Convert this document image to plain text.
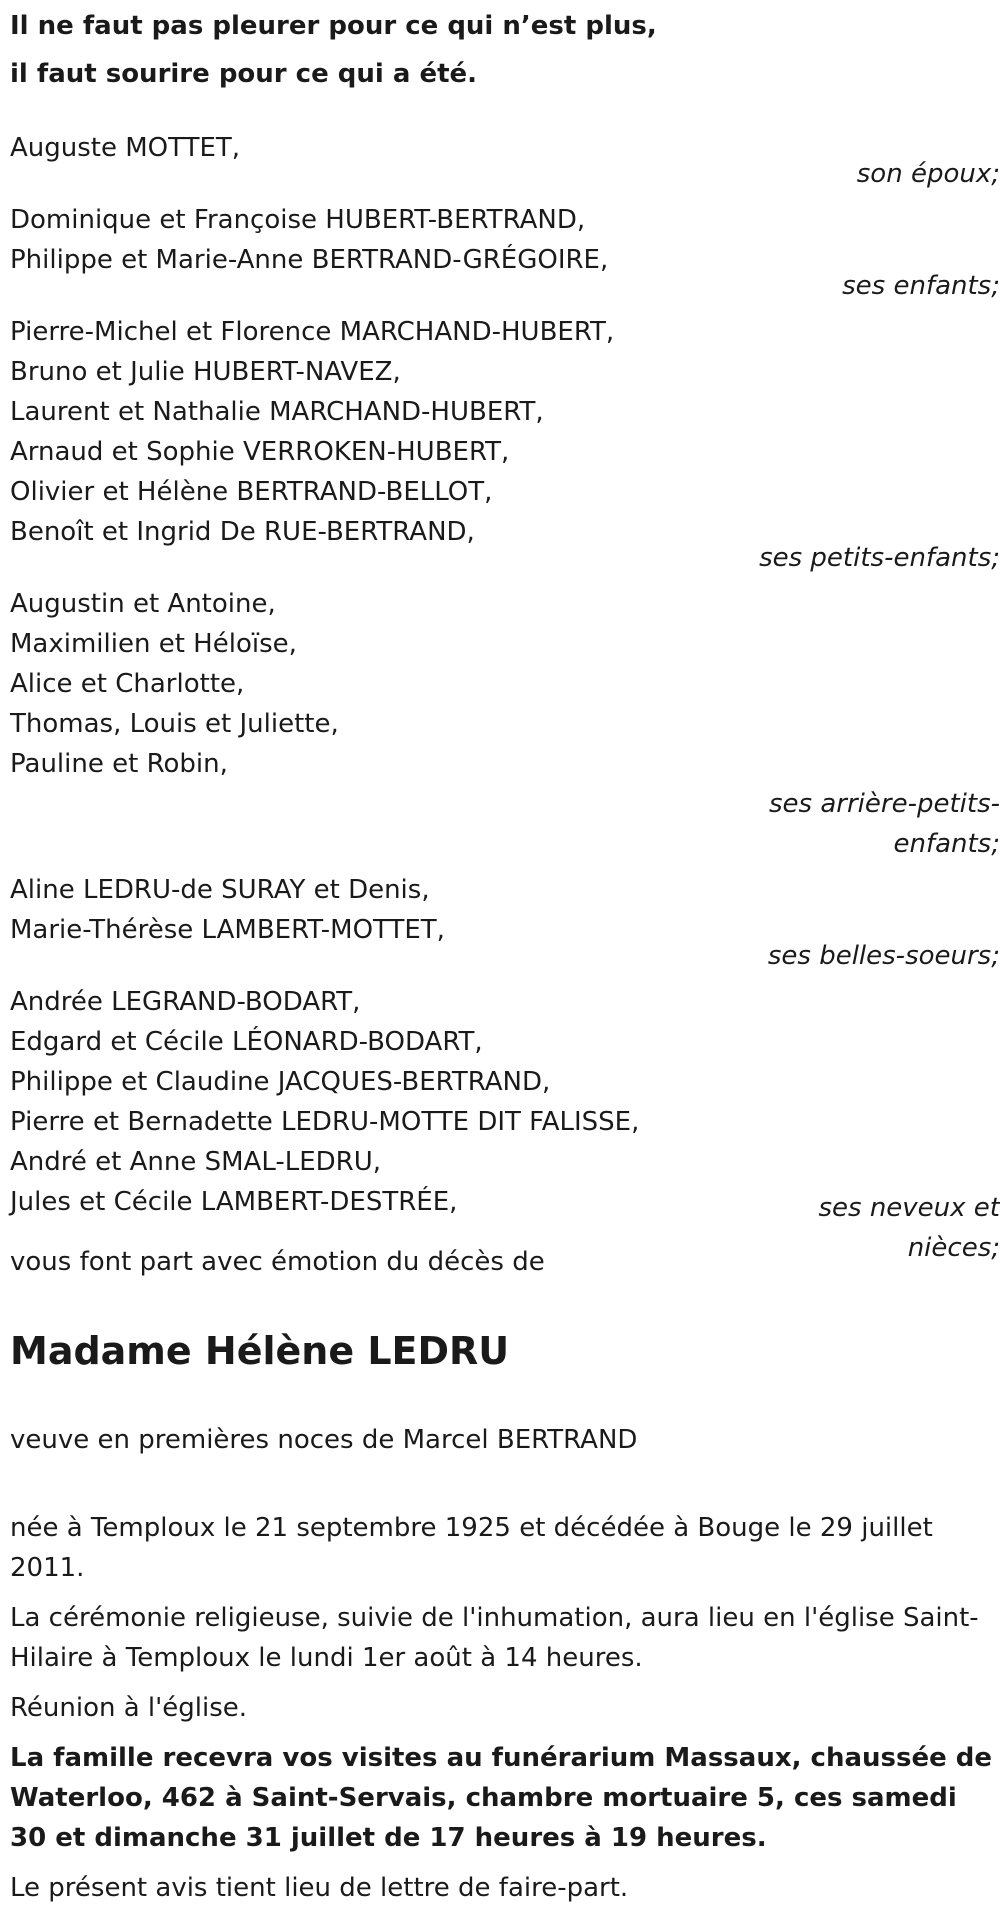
Il ne faut pas pleurer pour ce qui n’est plus,
il faut sourire pour ce qui a été.
Auguste MOTTET,
son époux;
Dominique et Françoise HUBERT-BERTRAND,
Philippe et Marie-Anne BERTRAND-GRÉGOIRE,
ses enfants;
Pierre-Michel et Florence MARCHAND-HUBERT,
Bruno et Julie HUBERT-NAVEZ,
Laurent et Nathalie MARCHAND-HUBERT,
Arnaud et Sophie VERROKEN-HUBERT,
Olivier et Hélène BERTRAND-BELLOT,
Benoît et Ingrid De RUE-BERTRAND,
ses petits-enfants;
Augustin et Antoine,
Maximilien et Héloïse,
Alice et Charlotte,
Thomas, Louis et Juliette,
Pauline et Robin,
ses arrière-petits-
enfants;
Aline LEDRU-de SURAY et Denis,
Marie-Thérèse LAMBERT-MOTTET,
ses belles-soeurs;
Andrée LEGRAND-BODART,
Edgard et Cécile LÉONARD-BODART,
Philippe et Claudine JACQUES-BERTRAND,
Pierre et Bernadette LEDRU-MOTTE DIT FALISSE,
André et Anne SMAL-LEDRU,
Jules et Cécile LAMBERT-DESTRÉE,
vous font part avec émotion du décès de
ses neveux et
nièces;
Madame Hélène LEDRU
veuve en premières noces de Marcel BERTRAND
née à Temploux le 21 septembre 1925 et décédée à Bouge le 29 juillet 2011.
La cérémonie religieuse, suivie de l'inhumation, aura lieu en l'église Saint-Hilaire à Temploux le lundi 1er août à 14 heures.
Réunion à l'église.
La famille recevra vos visites au funérarium Massaux, chaussée de Waterloo, 462 à Saint-Servais, chambre mortuaire 5, ces samedi 30 et dimanche 31 juillet de 17 heures à 19 heures.
Le présent avis tient lieu de lettre de faire-part.
